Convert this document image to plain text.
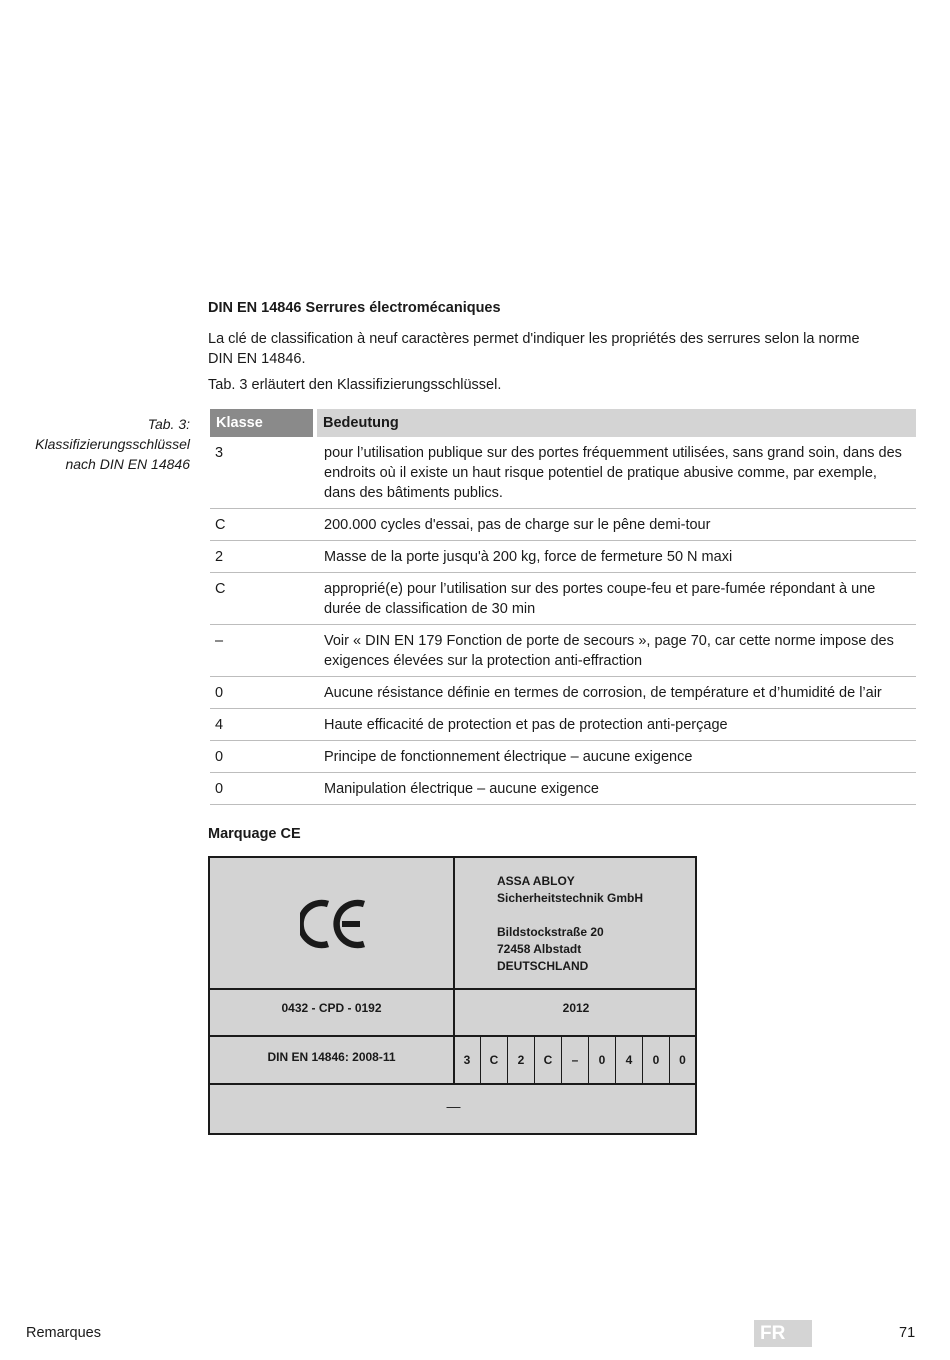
DIN EN 14846 Serrures électromécaniques
La clé de classification à neuf caractères permet d'indiquer les propriétés des serrures selon la norme
DIN EN 14846.
Tab. 3 erläutert den Klassifizierungsschlüssel.
Tab. 3:
Klassifizierungsschlüssel
nach DIN EN 14846
Klasse	Bedeutung
3	pour l’utilisation publique sur des portes fréquemment utilisées, sans grand soin, dans des endroits où il existe un haut risque potentiel de pratique abusive comme, par exemple, dans des bâtiments publics.
C	200.000 cycles d'essai, pas de charge sur le pêne demi-tour
2	Masse de la porte jusqu'à 200 kg, force de fermeture 50 N maxi
C	approprié(e) pour l’utilisation sur des portes coupe-feu et pare-fumée répondant à une durée de classification de 30 min
–	Voir « DIN EN 179 Fonction de porte de secours », page 70, car cette norme impose des exigences élevées sur la protection anti-effraction
0	Aucune résistance définie en termes de corrosion, de température et d’humidité de l’air
4	Haute efficacité de protection et pas de protection anti-perçage
0	Principe de fonctionnement électrique – aucune exigence
0	Manipulation électrique – aucune exigence
Marquage CE
ASSA ABLOY
Sicherheitstechnik GmbH
Bildstockstraße 20
72458 Albstadt
DEUTSCHLAND
0432 - CPD - 0192	2012
DIN EN 14846: 2008-11	3	C	2	C	–	0	4	0	0
—
Remarques	FR	71
